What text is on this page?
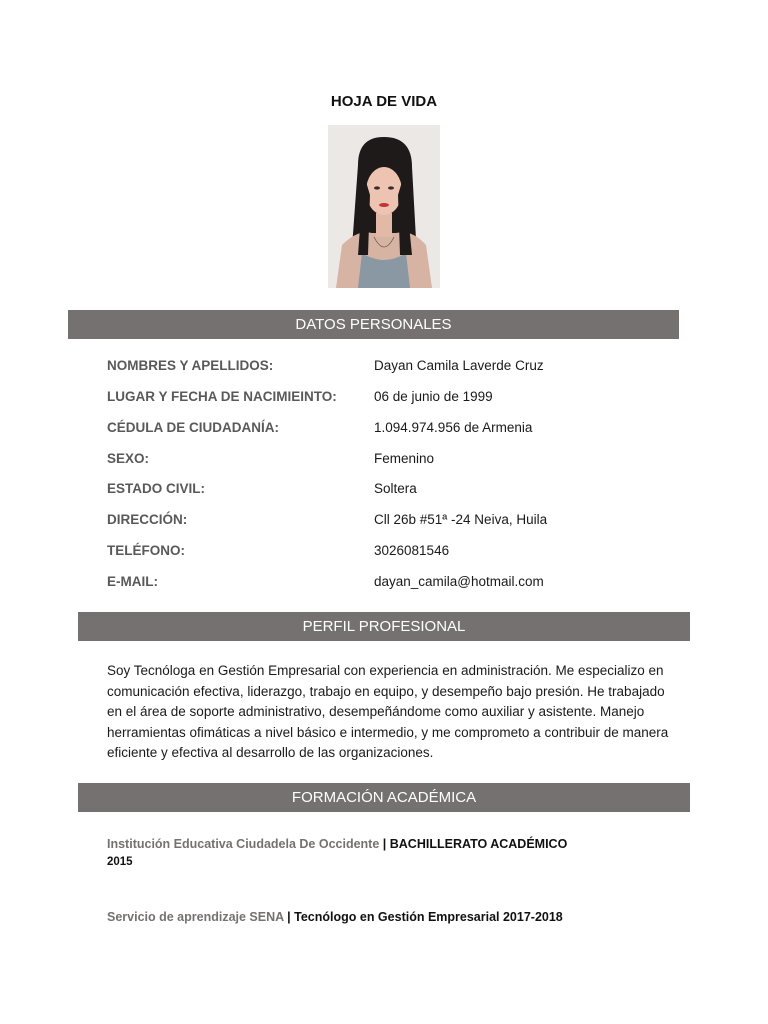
HOJA DE VIDA
DATOS PERSONALES
NOMBRES Y APELLIDOS:	Dayan Camila Laverde Cruz
LUGAR Y FECHA DE NACIMIEINTO:	06 de junio de 1999
CÉDULA DE CIUDADANÍA:	1.094.974.956 de Armenia
SEXO:	Femenino
ESTADO CIVIL:	Soltera
DIRECCIÓN:	Cll 26b #51ª -24 Neiva, Huila
TELÉFONO:	3026081546
E-MAIL:	dayan_camila@hotmail.com
PERFIL PROFESIONAL
Soy Tecnóloga en Gestión Empresarial con experiencia en administración. Me especializo en comunicación efectiva, liderazgo, trabajo en equipo, y desempeño bajo presión. He trabajado en el área de soporte administrativo, desempeñándome como auxiliar y asistente. Manejo herramientas ofimáticas a nivel básico e intermedio, y me comprometo a contribuir de manera eficiente y efectiva al desarrollo de las organizaciones.
FORMACIÓN ACADÉMICA
Institución Educativa Ciudadela De Occidente | BACHILLERATO ACADÉMICO
2015
Servicio de aprendizaje SENA | Tecnólogo en Gestión Empresarial 2017-2018
